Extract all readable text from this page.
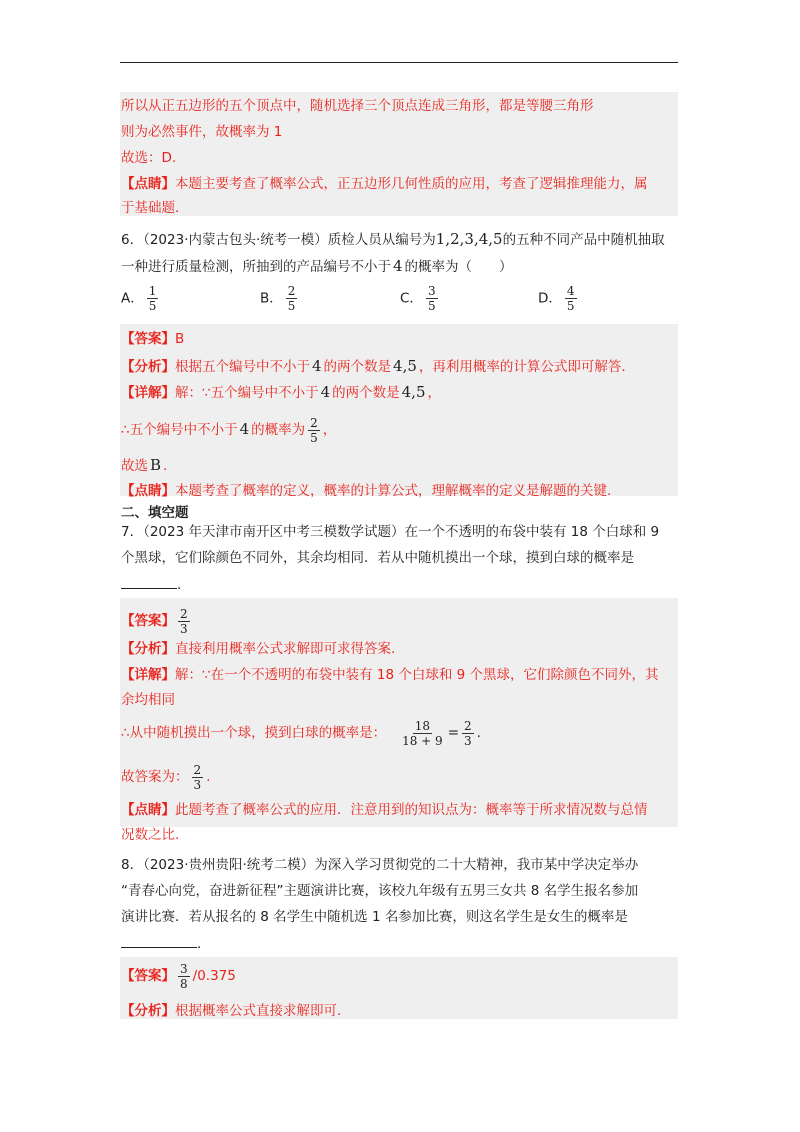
所以从正五边形的五个顶点中，随机选择三个顶点连成三角形，都是等腰三角形
则为必然事件，故概率为 1
故选：D.
【点睛】本题主要考查了概率公式，正五边形几何性质的应用，考查了逻辑推理能力，属
于基础题.
6．（2023·内蒙古包头·统考一模）质检人员从编号为1,2,3,4,5的五种不同产品中随机抽取
一种进行质量检测，所抽到的产品编号不小于 4 的概率为（　　）
A． $\frac{1}{5}$	B． $\frac{2}{5}$	C． $\frac{3}{5}$	D． $\frac{4}{5}$
【答案】B
【分析】根据五个编号中不小于 4 的两个数是 4,5 ，再利用概率的计算公式即可解答.
【详解】解：∵五个编号中不小于 4 的两个数是 4,5 ，
∴五个编号中不小于 4 的概率为 $\frac{2}{5}$ ，
故选 B .
【点睛】本题考查了概率的定义，概率的计算公式，理解概率的定义是解题的关键.
二、填空题
7．（2023 年天津市南开区中考三模数学试题）在一个不透明的布袋中装有 18 个白球和 9
个黑球，它们除颜色不同外，其余均相同．若从中随机摸出一个球，摸到白球的概率是
.
【答案】 $\frac{2}{3}$
【分析】直接利用概率公式求解即可求得答案.
【详解】解：∵在一个不透明的布袋中装有 18 个白球和 9 个黑球，它们除颜色不同外，其
余均相同
∴从中随机摸出一个球，摸到白球的概率是： $\frac{18}{18 + 9} = \frac{2}{3}$ .
故答案为： $\frac{2}{3}$ .
【点睛】此题考查了概率公式的应用．注意用到的知识点为：概率等于所求情况数与总情
况数之比.
8．（2023·贵州贵阳·统考二模）为深入学习贯彻党的二十大精神，我市某中学决定举办
“青春心向党，奋进新征程”主题演讲比赛，该校九年级有五男三女共 8 名学生报名参加
演讲比赛．若从报名的 8 名学生中随机选 1 名参加比赛，则这名学生是女生的概率是
.
【答案】 $\frac{3}{8} /0.375$
【分析】根据概率公式直接求解即可.
